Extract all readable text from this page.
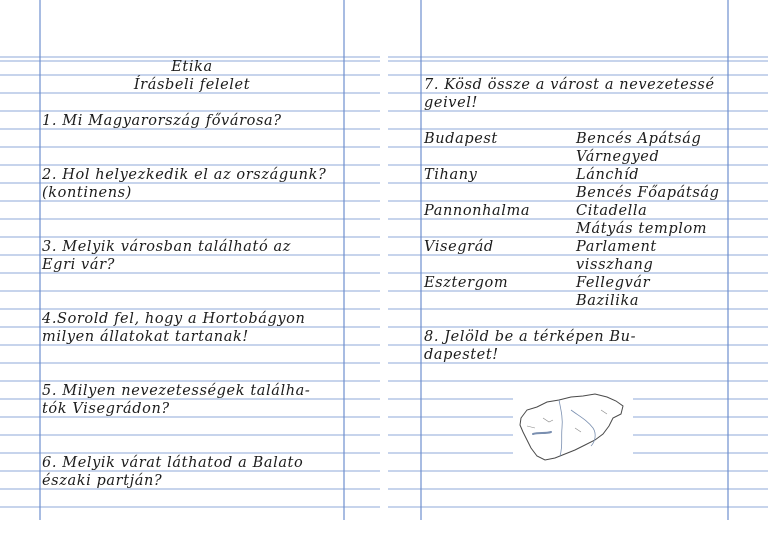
Etika
Írásbeli felelet
1. Mi Magyarország fővárosa?
2. Hol helyezkedik el az országunk?
(kontinens)
3. Melyik városban található az
Egri vár?
4.Sorold fel, hogy a Hortobágyon
milyen állatokat tartanak!
5. Milyen nevezetességek találha-
tók Visegrádon?
6. Melyik várat láthatod a Balato
északi partján?
7. Kösd össze a várost a nevezetessé
geivel!
Budapest
Tihany
Pannonhalma
Visegrád
Esztergom
Bencés Apátság
Várnegyed
Lánchíd
Bencés Főapátság
Citadella
Mátyás templom
Parlament
visszhang
Fellegvár
Bazilika
8. Jelöld be a térképen Bu-
dapestet!
